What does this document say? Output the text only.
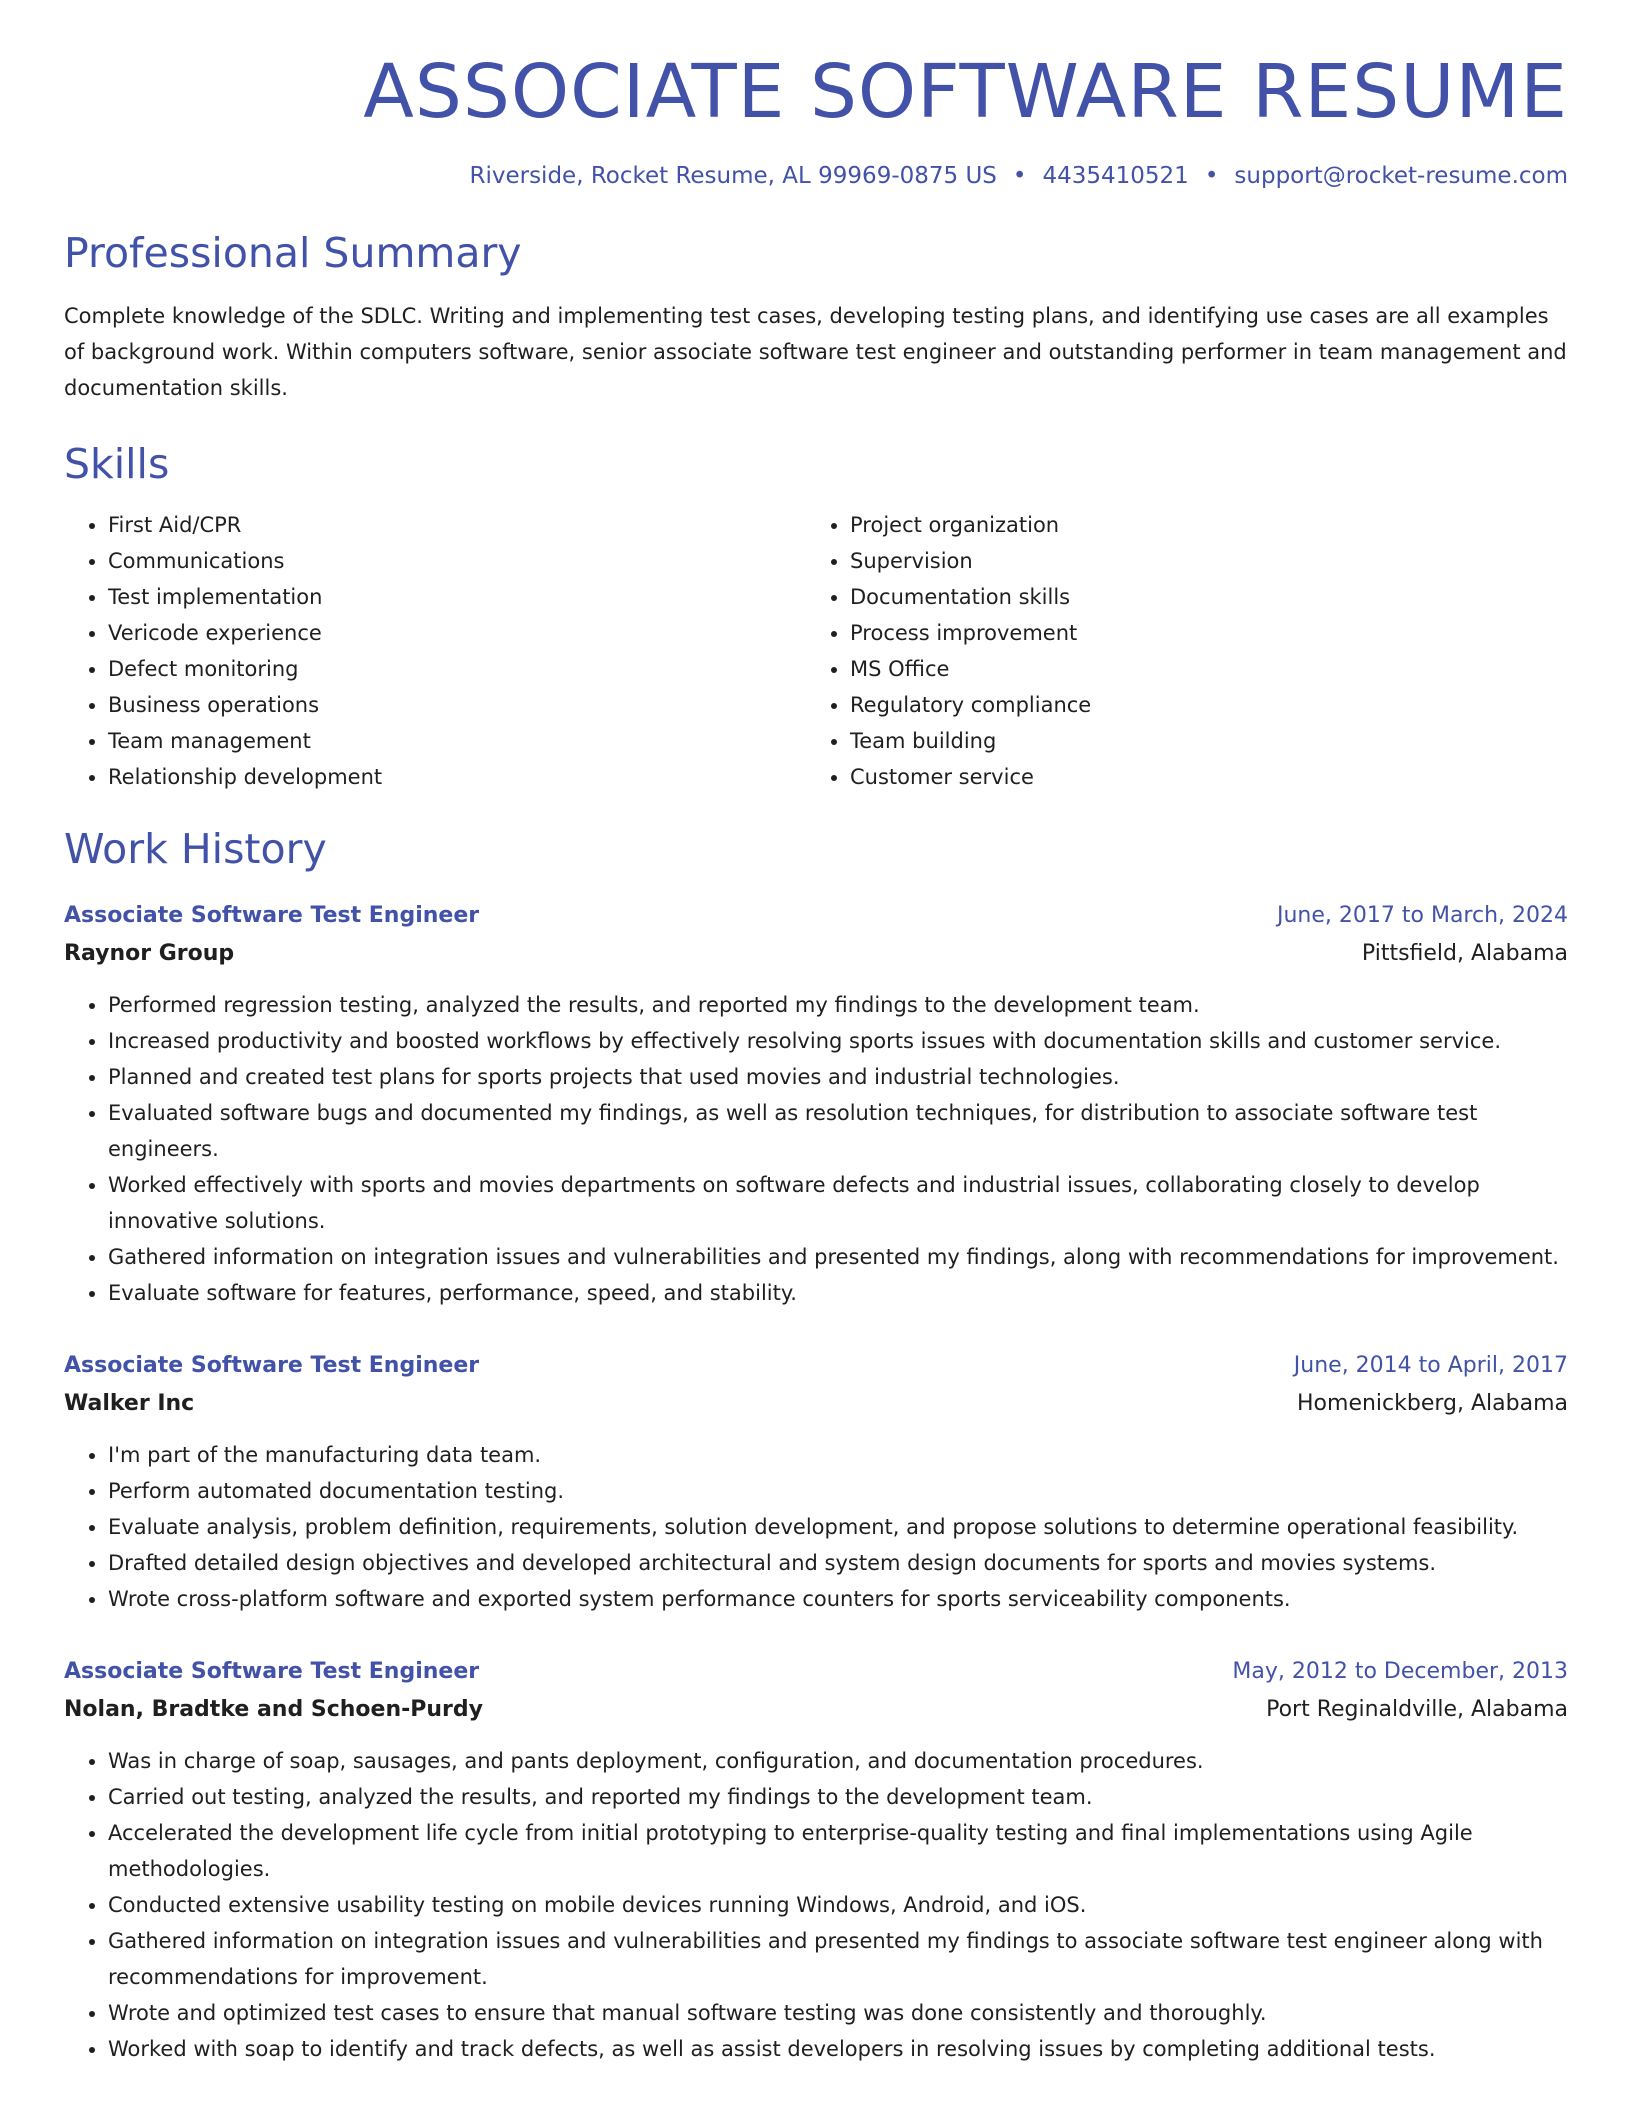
ASSOCIATE SOFTWARE RESUME
Riverside, Rocket Resume, AL 99969-0875 US • 4435410521 • support@rocket-resume.com
Professional Summary

Complete knowledge of the SDLC. Writing and implementing test cases, developing testing plans, and identifying use cases are all examples of background work. Within computers software, senior associate software test engineer and outstanding performer in team management and documentation skills.

Skills
• First Aid/CPR
• Communications
• Test implementation
• Vericode experience
• Defect monitoring
• Business operations
• Team management
• Relationship development
• Project organization
• Supervision
• Documentation skills
• Process improvement
• MS Office
• Regulatory compliance
• Team building
• Customer service
Work History
Associate Software Test Engineer	June, 2017 to March, 2024
Raynor Group	Pittsfield, Alabama
• Performed regression testing, analyzed the results, and reported my findings to the development team.
• Increased productivity and boosted workflows by effectively resolving sports issues with documentation skills and customer service.
• Planned and created test plans for sports projects that used movies and industrial technologies.
• Evaluated software bugs and documented my findings, as well as resolution techniques, for distribution to associate software test engineers.
• Worked effectively with sports and movies departments on software defects and industrial issues, collaborating closely to develop innovative solutions.
• Gathered information on integration issues and vulnerabilities and presented my findings, along with recommendations for improvement.
• Evaluate software for features, performance, speed, and stability.
Associate Software Test Engineer	June, 2014 to April, 2017
Walker Inc	Homenickberg, Alabama
• I'm part of the manufacturing data team.
• Perform automated documentation testing.
• Evaluate analysis, problem definition, requirements, solution development, and propose solutions to determine operational feasibility.
• Drafted detailed design objectives and developed architectural and system design documents for sports and movies systems.
• Wrote cross-platform software and exported system performance counters for sports serviceability components.
Associate Software Test Engineer	May, 2012 to December, 2013
Nolan, Bradtke and Schoen-Purdy	Port Reginaldville, Alabama
• Was in charge of soap, sausages, and pants deployment, configuration, and documentation procedures.
• Carried out testing, analyzed the results, and reported my findings to the development team.
• Accelerated the development life cycle from initial prototyping to enterprise-quality testing and final implementations using Agile methodologies.
• Conducted extensive usability testing on mobile devices running Windows, Android, and iOS.
• Gathered information on integration issues and vulnerabilities and presented my findings to associate software test engineer along with recommendations for improvement.
• Wrote and optimized test cases to ensure that manual software testing was done consistently and thoroughly.
• Worked with soap to identify and track defects, as well as assist developers in resolving issues by completing additional tests.
